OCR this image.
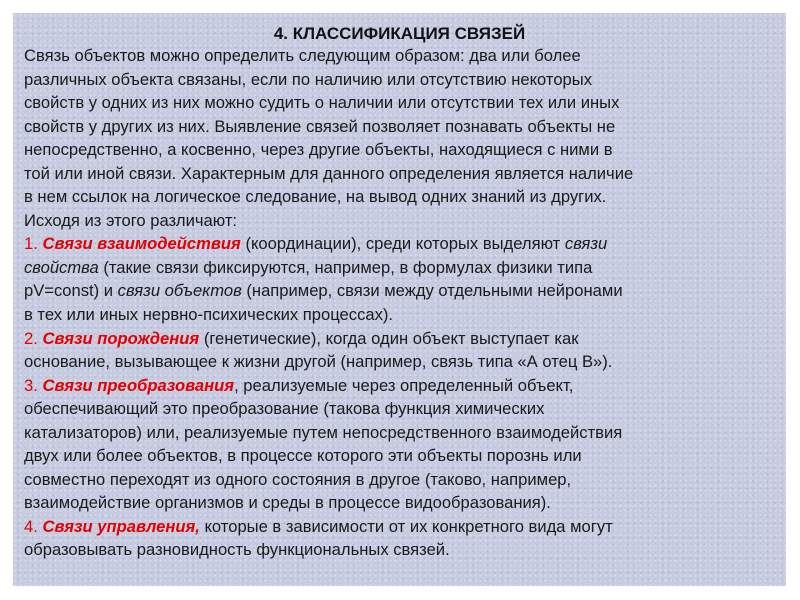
4. КЛАССИФИКАЦИЯ СВЯЗЕЙ

Связь объектов можно определить следующим образом: два или более

различных объекта связаны, если по наличию или отсутствию некоторых

свойств у одних из них можно судить о наличии или отсутствии тех или иных

свойств у других из них. Выявление связей позволяет познавать объекты не

непосредственно, а косвенно, через другие объекты, находящиеся с ними в

той или иной связи. Характерным для данного определения является наличие

в нем ссылок на логическое следование, на вывод одних знаний из других.

Исходя из этого различают:

1. Связи взаимодействия (координации), среди которых выделяют связи

свойства (такие связи фиксируются, например, в формулах физики типа

pV=const) и связи объектов (например, связи между отдельными нейронами

в тех или иных нервно-психических процессах).

2. Связи порождения (генетические), когда один объект выступает как

основание, вызывающее к жизни другой (например, связь типа «А отец В»).

3. Связи преобразования, реализуемые через определенный объект,

обеспечивающий это преобразование (такова функция химических

катализаторов) или, реализуемые путем непосредственного взаимодействия

двух или более объектов, в процессе которого эти объекты порознь или

совместно переходят из одного состояния в другое (таково, например,

взаимодействие организмов и среды в процессе видообразования).

4. Связи управления, которые в зависимости от их конкретного вида могут

образовывать разновидность функциональных связей.
